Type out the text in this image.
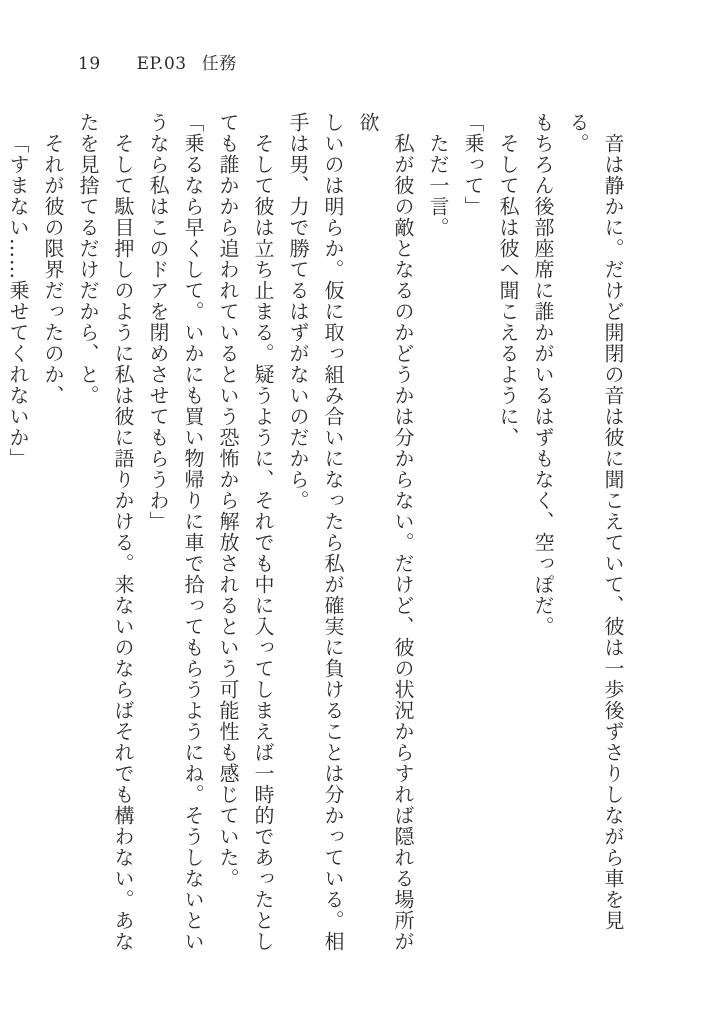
19 EP.03 任務

音は静かに。だけど開閉の音は彼に聞こえていて、彼は一歩後ずさりしながら車を見る。

もちろん後部座席に誰かがいるはずもなく、空っぽだ。

そして私は彼へ聞こえるように、

「乗って」

ただ一言。

私が彼の敵となるのかどうかは分からない。だけど、彼の状況からすれば隠れる場所が欲

しいのは明らか。仮に取っ組み合いになったら私が確実に負けることは分かっている。相

手は男、力で勝てるはずがないのだから。

そして彼は立ち止まる。疑うように、それでも中に入ってしまえば一時的であったとし

ても誰かから追われているという恐怖から解放されるという可能性も感じていた。

「乗るなら早くして。いかにも買い物帰りに車で拾ってもらうようにね。そうしないとい

うなら私はこのドアを閉めさせてもらうわ」

そして駄目押しのように私は彼に語りかける。来ないのならばそれでも構わない。あな

たを見捨てるだけだから、と。

それが彼の限界だったのか、

「すまない……乗せてくれないか」
